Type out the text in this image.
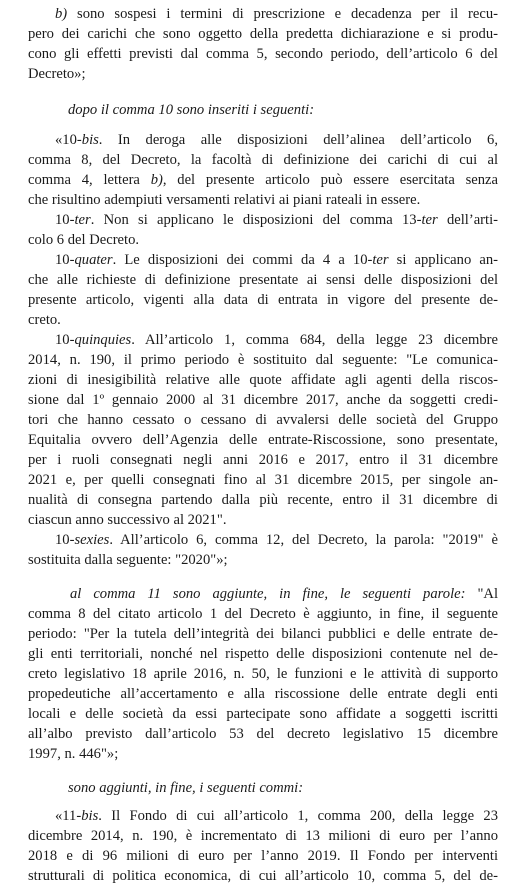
b) sono sospesi i termini di prescrizione e decadenza per il recu-
pero dei carichi che sono oggetto della predetta dichiarazione e si produ-
cono gli effetti previsti dal comma 5, secondo periodo, dell’articolo 6 del
Decreto»;
dopo il comma 10 sono inseriti i seguenti:
«10-bis. In deroga alle disposizioni dell’alinea dell’articolo 6,
comma 8, del Decreto, la facoltà di definizione dei carichi di cui al
comma 4, lettera b), del presente articolo può essere esercitata senza
che risultino adempiuti versamenti relativi ai piani rateali in essere.
10-ter. Non si applicano le disposizioni del comma 13-ter dell’arti-
colo 6 del Decreto.
10-quater. Le disposizioni dei commi da 4 a 10-ter si applicano an-
che alle richieste di definizione presentate ai sensi delle disposizioni del
presente articolo, vigenti alla data di entrata in vigore del presente de-
creto.
10-quinquies. All’articolo 1, comma 684, della legge 23 dicembre
2014, n. 190, il primo periodo è sostituito dal seguente: "Le comunica-
zioni di inesigibilità relative alle quote affidate agli agenti della riscos-
sione dal 1º gennaio 2000 al 31 dicembre 2017, anche da soggetti credi-
tori che hanno cessato o cessano di avvalersi delle società del Gruppo
Equitalia ovvero dell’Agenzia delle entrate-Riscossione, sono presentate,
per i ruoli consegnati negli anni 2016 e 2017, entro il 31 dicembre
2021 e, per quelli consegnati fino al 31 dicembre 2015, per singole an-
nualità di consegna partendo dalla più recente, entro il 31 dicembre di
ciascun anno successivo al 2021".
10-sexies. All’articolo 6, comma 12, del Decreto, la parola: "2019" è
sostituita dalla seguente: "2020"»;
al comma 11 sono aggiunte, in fine, le seguenti parole: "Al
comma 8 del citato articolo 1 del Decreto è aggiunto, in fine, il seguente
periodo: "Per la tutela dell’integrità dei bilanci pubblici e delle entrate de-
gli enti territoriali, nonché nel rispetto delle disposizioni contenute nel de-
creto legislativo 18 aprile 2016, n. 50, le funzioni e le attività di supporto
propedeutiche all’accertamento e alla riscossione delle entrate degli enti
locali e delle società da essi partecipate sono affidate a soggetti iscritti
all’albo previsto dall’articolo 53 del decreto legislativo 15 dicembre
1997, n. 446"»;
sono aggiunti, in fine, i seguenti commi:
«11-bis. Il Fondo di cui all’articolo 1, comma 200, della legge 23
dicembre 2014, n. 190, è incrementato di 13 milioni di euro per l’anno
2018 e di 96 milioni di euro per l’anno 2019. Il Fondo per interventi
strutturali di politica economica, di cui all’articolo 10, comma 5, del de-
